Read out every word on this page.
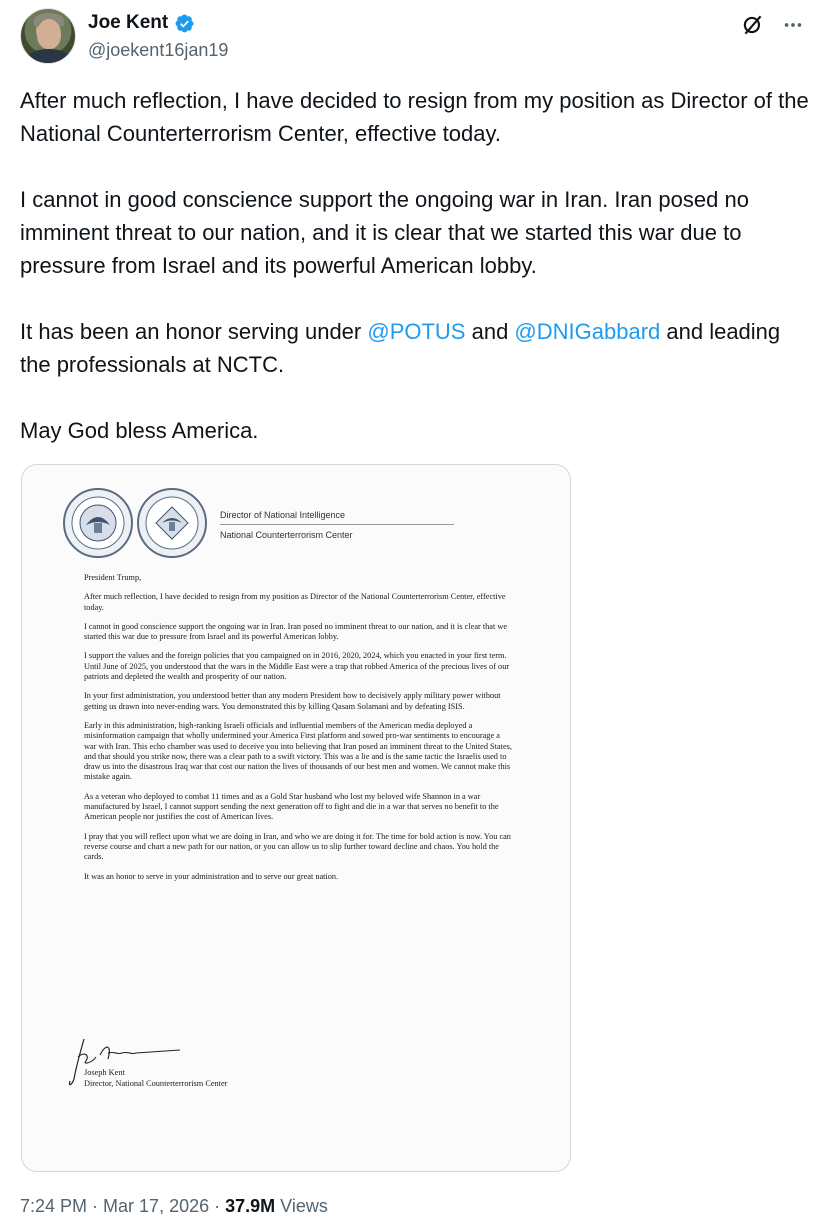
Joe Kent
@joekent16jan19

After much reflection, I have decided to resign from my position as Director of the National Counterterrorism Center, effective today.

I cannot in good conscience support the ongoing war in Iran. Iran posed no imminent threat to our nation, and it is clear that we started this war due to pressure from Israel and its powerful American lobby.

It has been an honor serving under @POTUS and @DNIGabbard and leading the professionals at NCTC.

May God bless America.

Director of National Intelligence
National Counterterrorism Center

President Trump,

After much reflection, I have decided to resign from my position as Director of the National Counterterrorism Center, effective today.

I cannot in good conscience support the ongoing war in Iran. Iran posed no imminent threat to our nation, and it is clear that we started this war due to pressure from Israel and its powerful American lobby.

I support the values and the foreign policies that you campaigned on in 2016, 2020, 2024, which you enacted in your first term. Until June of 2025, you understood that the wars in the Middle East were a trap that robbed America of the precious lives of our patriots and depleted the wealth and prosperity of our nation.

In your first administration, you understood better than any modern President how to decisively apply military power without getting us drawn into never-ending wars. You demonstrated this by killing Qasam Solamani and by defeating ISIS.

Early in this administration, high-ranking Israeli officials and influential members of the American media deployed a misinformation campaign that wholly undermined your America First platform and sowed pro-war sentiments to encourage a war with Iran. This echo chamber was used to deceive you into believing that Iran posed an imminent threat to the United States, and that should you strike now, there was a clear path to a swift victory. This was a lie and is the same tactic the Israelis used to draw us into the disastrous Iraq war that cost our nation the lives of thousands of our best men and women. We cannot make this mistake again.

As a veteran who deployed to combat 11 times and as a Gold Star husband who lost my beloved wife Shannon in a war manufactured by Israel, I cannot support sending the next generation off to fight and die in a war that serves no benefit to the American people nor justifies the cost of American lives.

I pray that you will reflect upon what we are doing in Iran, and who we are doing it for. The time for bold action is now. You can reverse course and chart a new path for our nation, or you can allow us to slip further toward decline and chaos. You hold the cards.

It was an honor to serve in your administration and to serve our great nation.

Joseph Kent
Director, National Counterterrorism Center
7:24 PM · Mar 17, 2026 · 37.9M Views
